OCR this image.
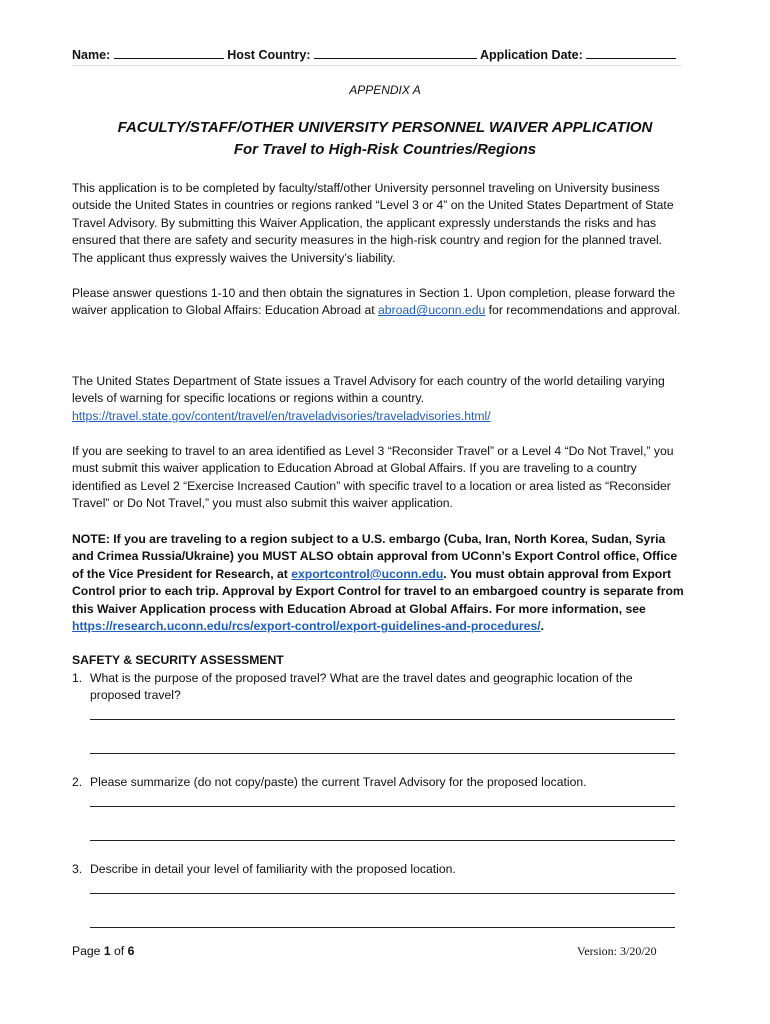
Name:	Host Country:	Application Date:
APPENDIX A
FACULTY/STAFF/OTHER UNIVERSITY PERSONNEL WAIVER APPLICATION
For Travel to High-Risk Countries/Regions

This application is to be completed by faculty/staff/other University personnel traveling on University business outside the United States in countries or regions ranked “Level 3 or 4” on the United States Department of State Travel Advisory. By submitting this Waiver Application, the applicant expressly understands the risks and has ensured that there are safety and security measures in the high-risk country and region for the planned travel. The applicant thus expressly waives the University’s liability.

Please answer questions 1-10 and then obtain the signatures in Section 1. Upon completion, please forward the waiver application to Global Affairs: Education Abroad at abroad@uconn.edu for recommendations and approval.

The United States Department of State issues a Travel Advisory for each country of the world detailing varying levels of warning for specific locations or regions within a country.
https://travel.state.gov/content/travel/en/traveladvisories/traveladvisories.html/

If you are seeking to travel to an area identified as Level 3 “Reconsider Travel” or a Level 4 “Do Not Travel,” you must submit this waiver application to Education Abroad at Global Affairs. If you are traveling to a country identified as Level 2 “Exercise Increased Caution” with specific travel to a location or area listed as “Reconsider Travel” or Do Not Travel,” you must also submit this waiver application.

NOTE: If you are traveling to a region subject to a U.S. embargo (Cuba, Iran, North Korea, Sudan, Syria and Crimea Russia/Ukraine) you MUST ALSO obtain approval from UConn’s Export Control office, Office of the Vice President for Research, at exportcontrol@uconn.edu. You must obtain approval from Export Control prior to each trip. Approval by Export Control for travel to an embargoed country is separate from this Waiver Application process with Education Abroad at Global Affairs. For more information, see https://research.uconn.edu/rcs/export-control/export-guidelines-and-procedures/.

SAFETY & SECURITY ASSESSMENT
1. What is the purpose of the proposed travel? What are the travel dates and geographic location of the proposed travel?
2. Please summarize (do not copy/paste) the current Travel Advisory for the proposed location.
3. Describe in detail your level of familiarity with the proposed location.
Page 1 of 6	Version: 3/20/20
